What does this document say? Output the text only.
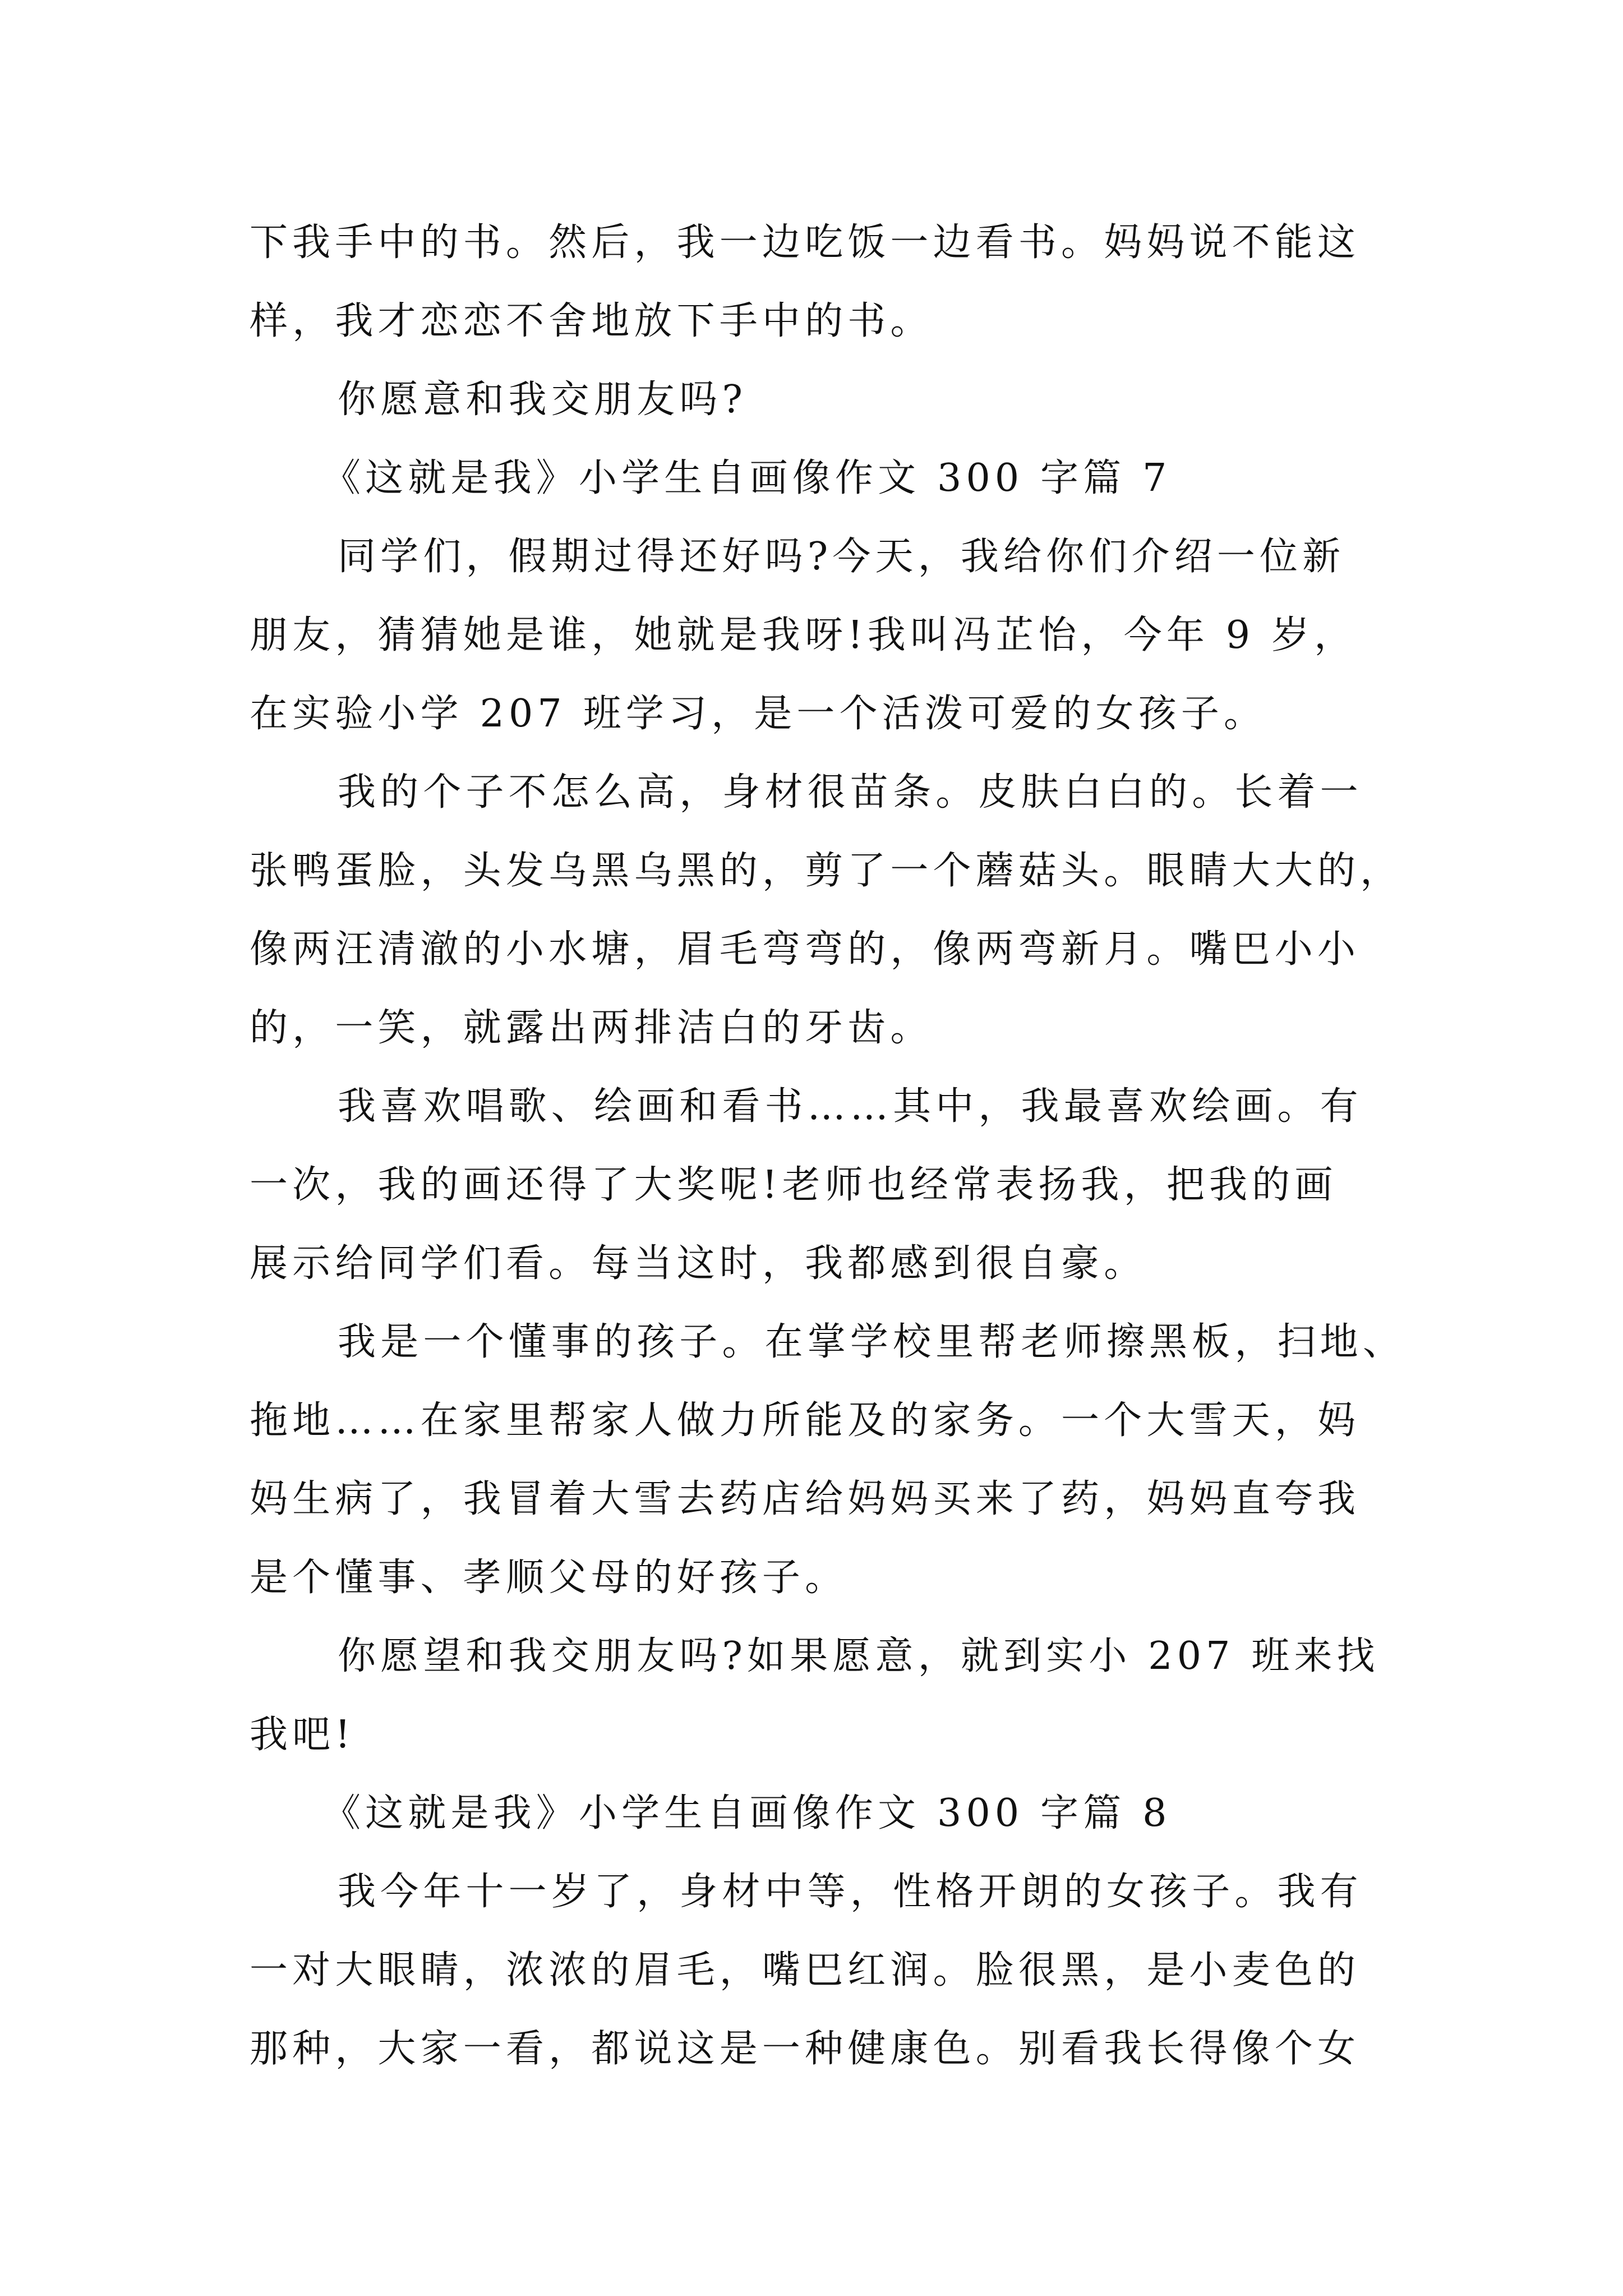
下我手中的书。然后，我一边吃饭一边看书。妈妈说不能这
样，我才恋恋不舍地放下手中的书。

你愿意和我交朋友吗?

《这就是我》小学生自画像作文 300 字篇 7

同学们，假期过得还好吗?今天，我给你们介绍一位新
朋友，猜猜她是谁，她就是我呀!我叫冯芷怡，今年 9 岁，
在实验小学 207 班学习，是一个活泼可爱的女孩子。

我的个子不怎么高，身材很苗条。皮肤白白的。长着一
张鸭蛋脸，头发乌黑乌黑的，剪了一个蘑菇头。眼睛大大的，
像两汪清澈的小水塘，眉毛弯弯的，像两弯新月。嘴巴小小
的，一笑，就露出两排洁白的牙齿。

我喜欢唱歌、绘画和看书……其中，我最喜欢绘画。有
一次，我的画还得了大奖呢!老师也经常表扬我，把我的画
展示给同学们看。每当这时，我都感到很自豪。

我是一个懂事的孩子。在掌学校里帮老师擦黑板，扫地、
拖地……在家里帮家人做力所能及的家务。一个大雪天，妈
妈生病了，我冒着大雪去药店给妈妈买来了药，妈妈直夸我
是个懂事、孝顺父母的好孩子。

你愿望和我交朋友吗?如果愿意，就到实小 207 班来找
我吧!

《这就是我》小学生自画像作文 300 字篇 8

我今年十一岁了，身材中等，性格开朗的女孩子。我有
一对大眼睛，浓浓的眉毛，嘴巴红润。脸很黑，是小麦色的
那种，大家一看，都说这是一种健康色。别看我长得像个女
